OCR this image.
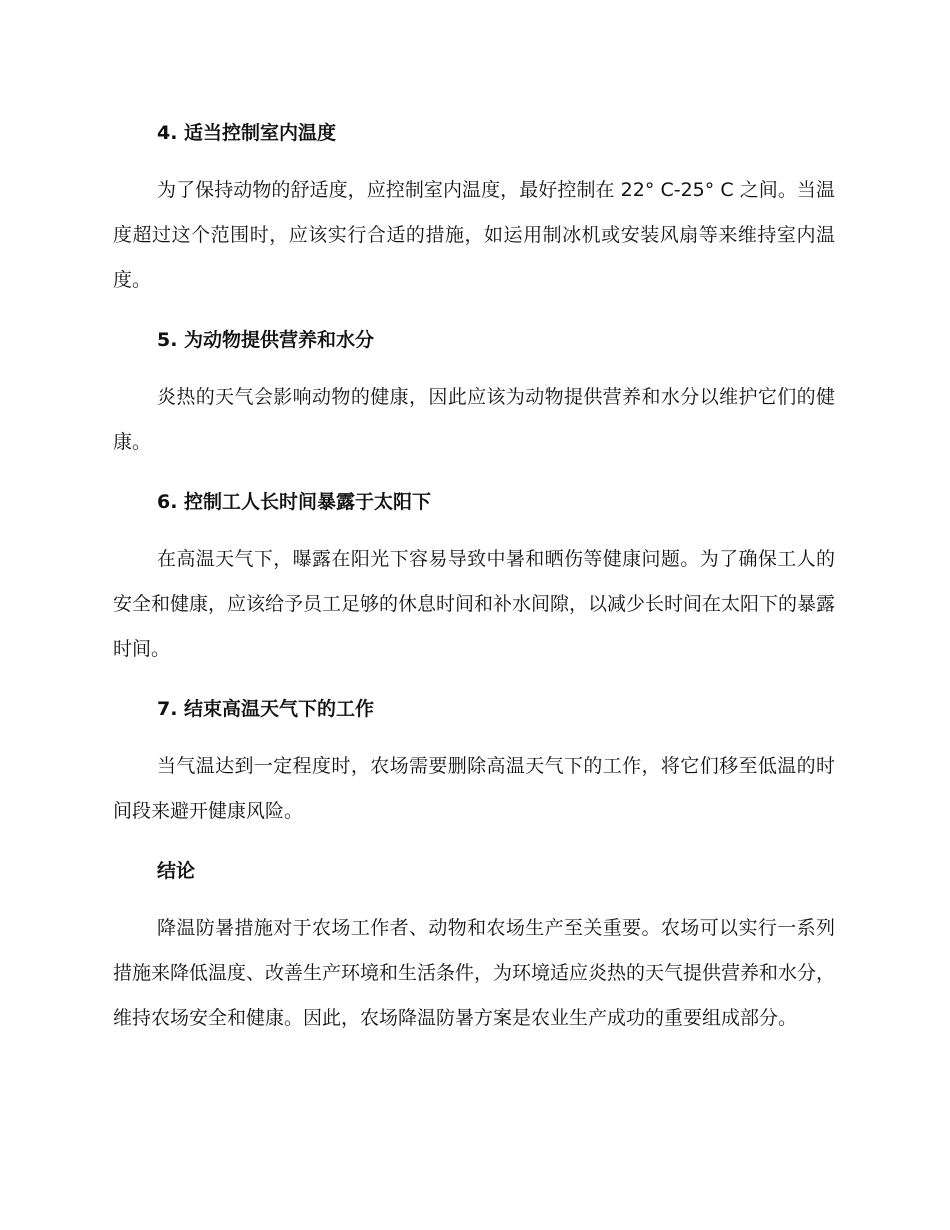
4. 适当控制室内温度

为了保持动物的舒适度，应控制室内温度，最好控制在 22° C-25° C 之间。当温度超过这个范围时，应该实行合适的措施，如运用制冰机或安装风扇等来维持室内温度。

5. 为动物提供营养和水分

炎热的天气会影响动物的健康，因此应该为动物提供营养和水分以维护它们的健康。

6. 控制工人长时间暴露于太阳下

在高温天气下，曝露在阳光下容易导致中暑和晒伤等健康问题。为了确保工人的安全和健康，应该给予员工足够的休息时间和补水间隙，以减少长时间在太阳下的暴露时间。

7. 结束高温天气下的工作

当气温达到一定程度时，农场需要删除高温天气下的工作，将它们移至低温的时间段来避开健康风险。

结论

降温防暑措施对于农场工作者、动物和农场生产至关重要。农场可以实行一系列措施来降低温度、改善生产环境和生活条件，为环境适应炎热的天气提供营养和水分，维持农场安全和健康。因此，农场降温防暑方案是农业生产成功的重要组成部分。
